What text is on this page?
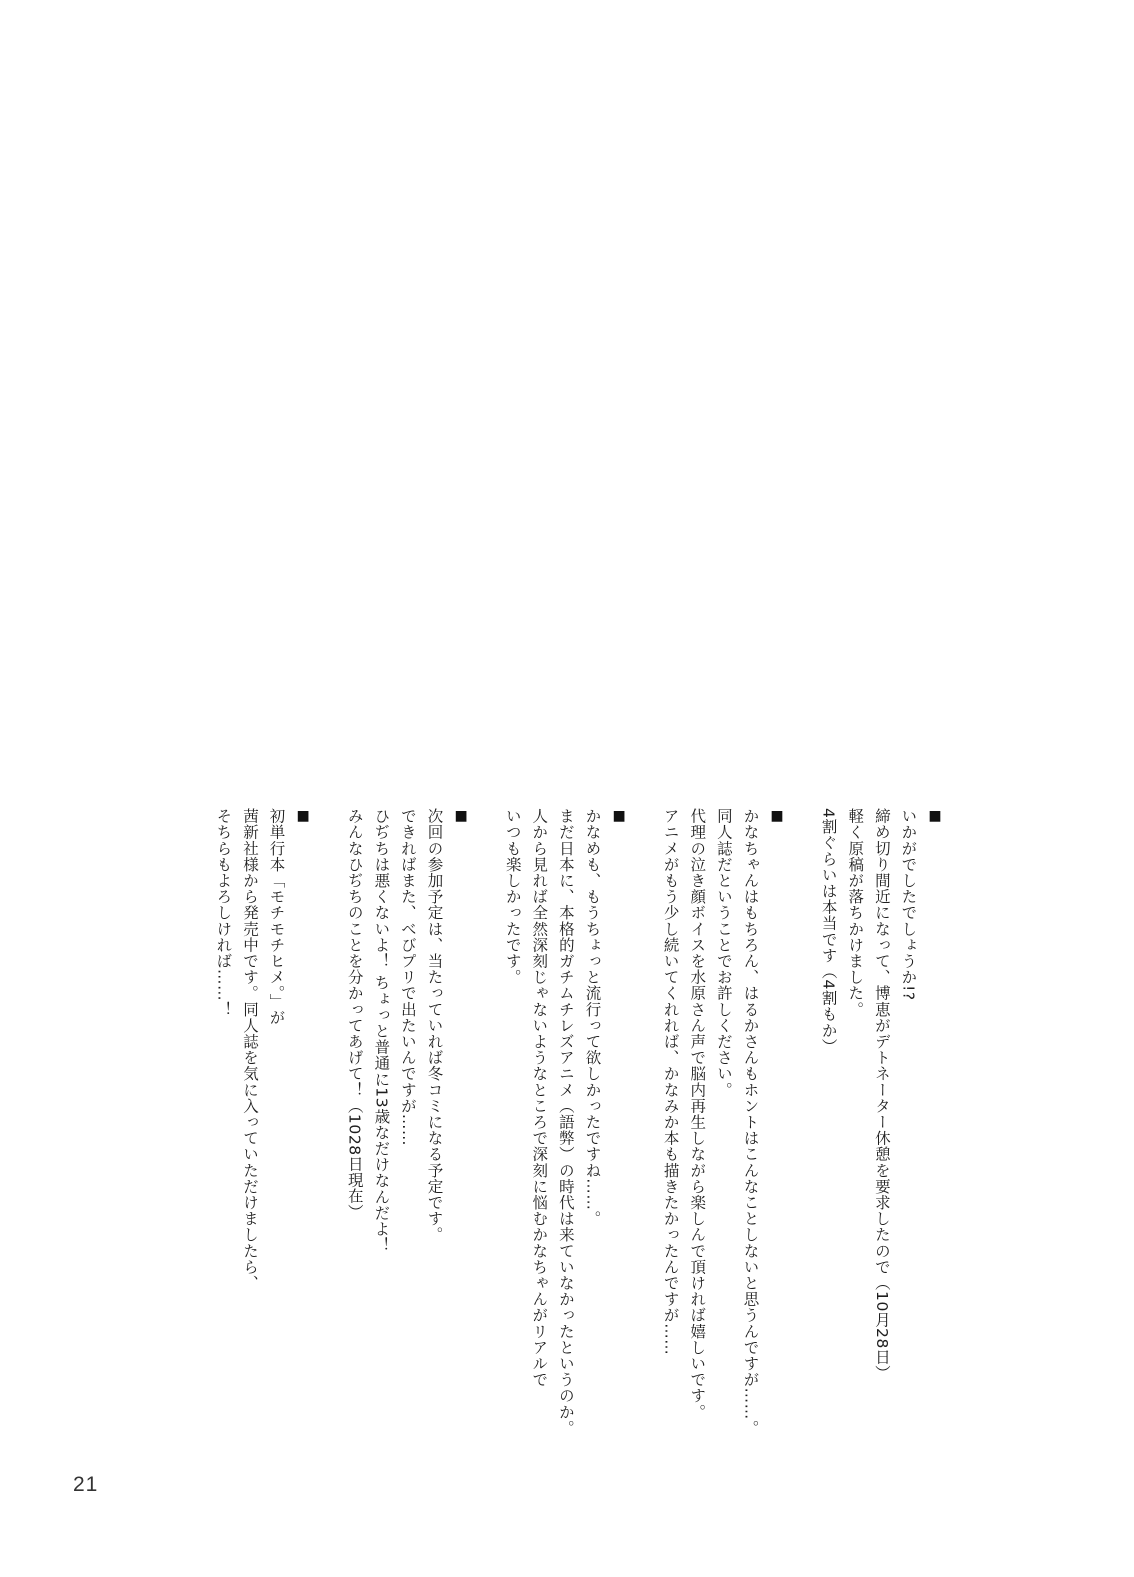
■
いかがでしたでしょうか!?
締め切り間近になって、博恵がデトネーター休憩を要求したので（10月28日）
軽く原稿が落ちかけました。
4割ぐらいは本当です（4割もか）
■
かなちゃんはもちろん、はるかさんもホントはこんなことしないと思うんですが……。
同人誌だということでお許しください。
代理の泣き顔ボイスを水原さん声で脳内再生しながら楽しんで頂ければ嬉しいです。
アニメがもう少し続いてくれれば、かなみか本も描きたかったんですが……
■
かなめも、もうちょっと流行って欲しかったですね……。
まだ日本に、本格的ガチムチレズアニメ（語弊）の時代は来ていなかったというのか。
人から見れば全然深刻じゃないようなところで深刻に悩むかなちゃんがリアルで
いつも楽しかったです。
■
次回の参加予定は、当たっていれば冬コミになる予定です。
できればまた、べびプリで出たいんですが……
ひぢちは悪くないよ！ ちょっと普通に13歳なだけなんだよ！
みんなひぢちのことを分かってあげて！（1028日現在）
■
初単行本「モチモチヒメ。」が
茜新社様から発売中です。同人誌を気に入っていただけましたら、
そちらもよろしければ……！
21
